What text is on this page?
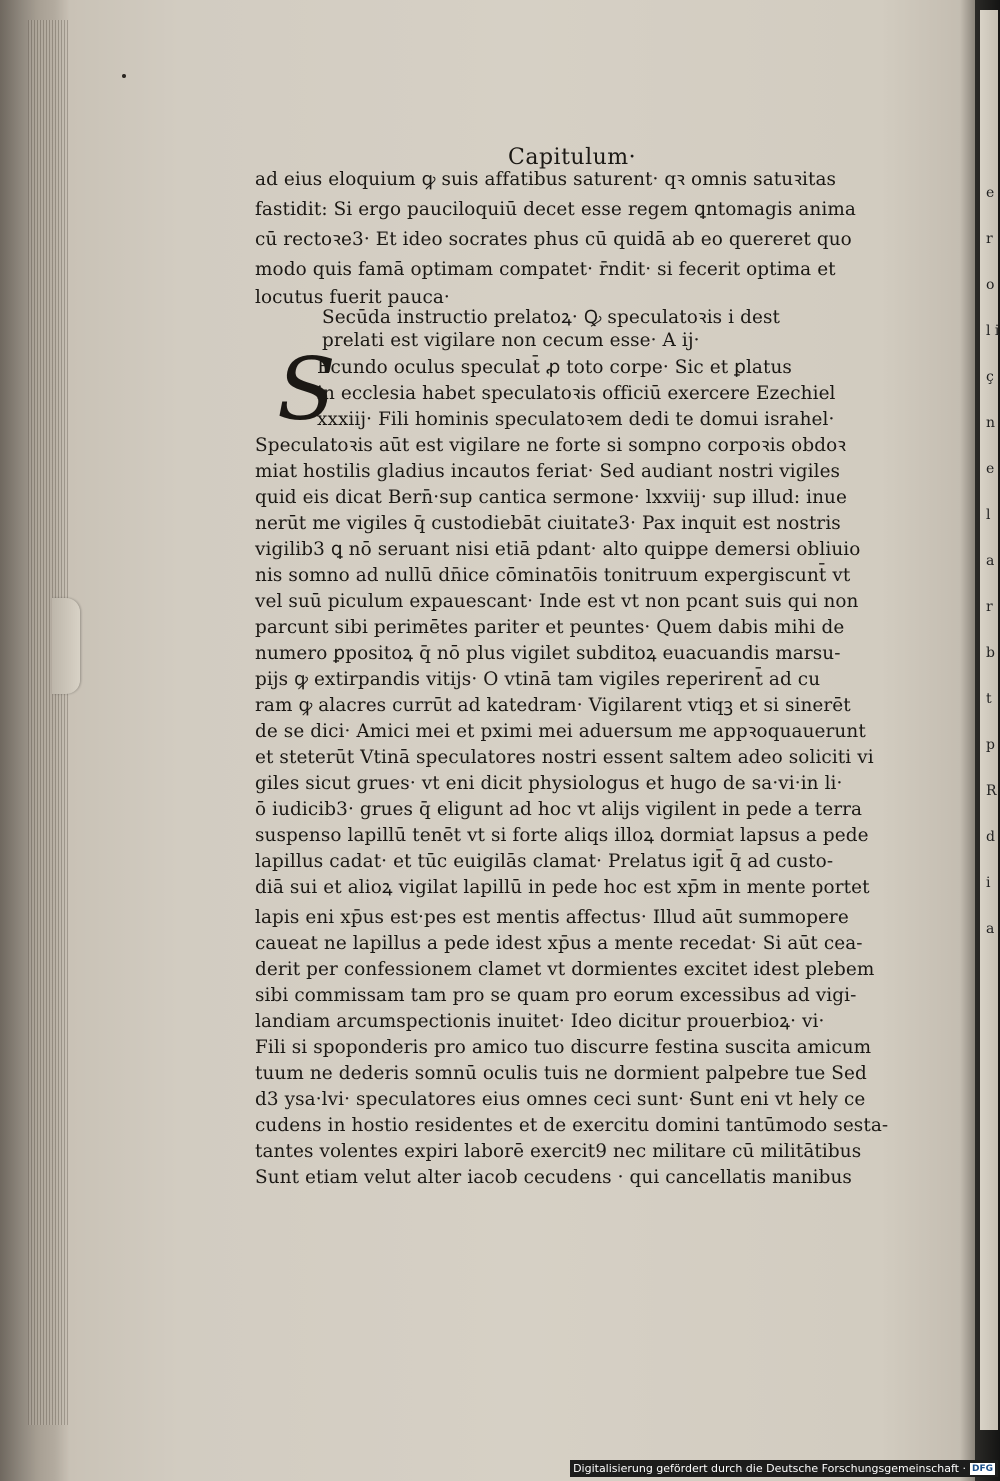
e r o l i ç n e l a r b t p R d i a
Capitulum·
S
ad eius eloquium ꝙ suis affatibus saturent· qꝛ omnis satuꝛitas
fastidit: Si ergo pauciloquiū decet esse regem ꝗntomagis anima
cū rectoꝛe3· Et ideo socrates phus cū quidā ab eo quereret quo
modo quis famā optimam compatet· r̄ndit· si fecerit optima et
locutus fuerit pauca·
Secūda instructio prelatoꝝ· Ꝙ speculatoꝛis i dest
prelati est vigilare non cecum esse· A ij·
Ecundo oculus speculat̄ ꝓ toto corpe· Sic et ꝑlatus
in ecclesia habet speculatoꝛis officiū exercere Ezechiel
xxxiij· Fili hominis speculatoꝛem dedi te domui israhel·
Speculatoꝛis aūt est vigilare ne forte si sompno corpoꝛis obdoꝛ
miat hostilis gladius incautos feriat· Sed audiant nostri vigiles
quid eis dicat Bern̄·sup cantica sermone· lxxviij· sup illud: inue
nerūt me vigiles q̄ custodiebāt ciuitate3· Pax inquit est nostris
vigilib3 ꝗ nō seruant nisi etiā pdant· alto quippe demersi obliuio
nis somno ad nullū dn̄ice cōminatōis tonitruum expergiscunt̄ vt
vel suū piculum expauescant· Inde est vt non pcant suis qui non
parcunt sibi perimētes pariter et peuntes· Quem dabis mihi de
numero ꝑpositoꝝ q̄ nō plus vigilet subditoꝝ euacuandis marsu-
pijs ꝙ extirpandis vitijs· O vtinā tam vigiles reperirent̄ ad cu
ram ꝙ alacres currūt ad katedram· Vigilarent vtiqꝫ et si sinerēt
de se dici· Amici mei et pximi mei aduersum me appꝛoquauerunt
et steterūt Vtinā speculatores nostri essent saltem adeo soliciti vi
giles sicut grues· vt eni dicit physiologus et hugo de sa·vi·in li·
ō iudicib3· grues q̄ eligunt ad hoc vt alijs vigilent in pede a terra
suspenso lapillū tenēt vt si forte aliqs illoꝝ dormiat lapsus a pede
lapillus cadat· et tūc euigilās clamat· Prelatus igit̄ q̄ ad custo-
diā sui et alioꝝ vigilat lapillū in pede hoc est xp̄m in mente portet
lapis eni xp̄us est·pes est mentis affectus· Illud aūt summopere
caueat ne lapillus a pede idest xp̄us a mente recedat· Si aūt cea-
derit per confessionem clamet vt dormientes excitet idest plebem
sibi commissam tam pro se quam pro eorum excessibus ad vigi-
landiam arcumspectionis inuitet· Ideo dicitur prouerbioꝝ· vi·
Fili si spoponderis pro amico tuo discurre festina suscita amicum
tuum ne dederis somnū oculis tuis ne dormient palpebre tue Sed
d3 ysa·lvi· speculatores eius omnes ceci sunt· Sunt eni vt hely ce
cudens in hostio residentes et de exercitu domini tantūmodo sesta-
tantes volentes expiri laborē exercit9 nec militare cū militātibus
Sunt etiam velut alter iacob cecudens · qui cancellatis manibus
Digitalisierung gefördert durch die Deutsche Forschungsgemeinschaft · DFG
